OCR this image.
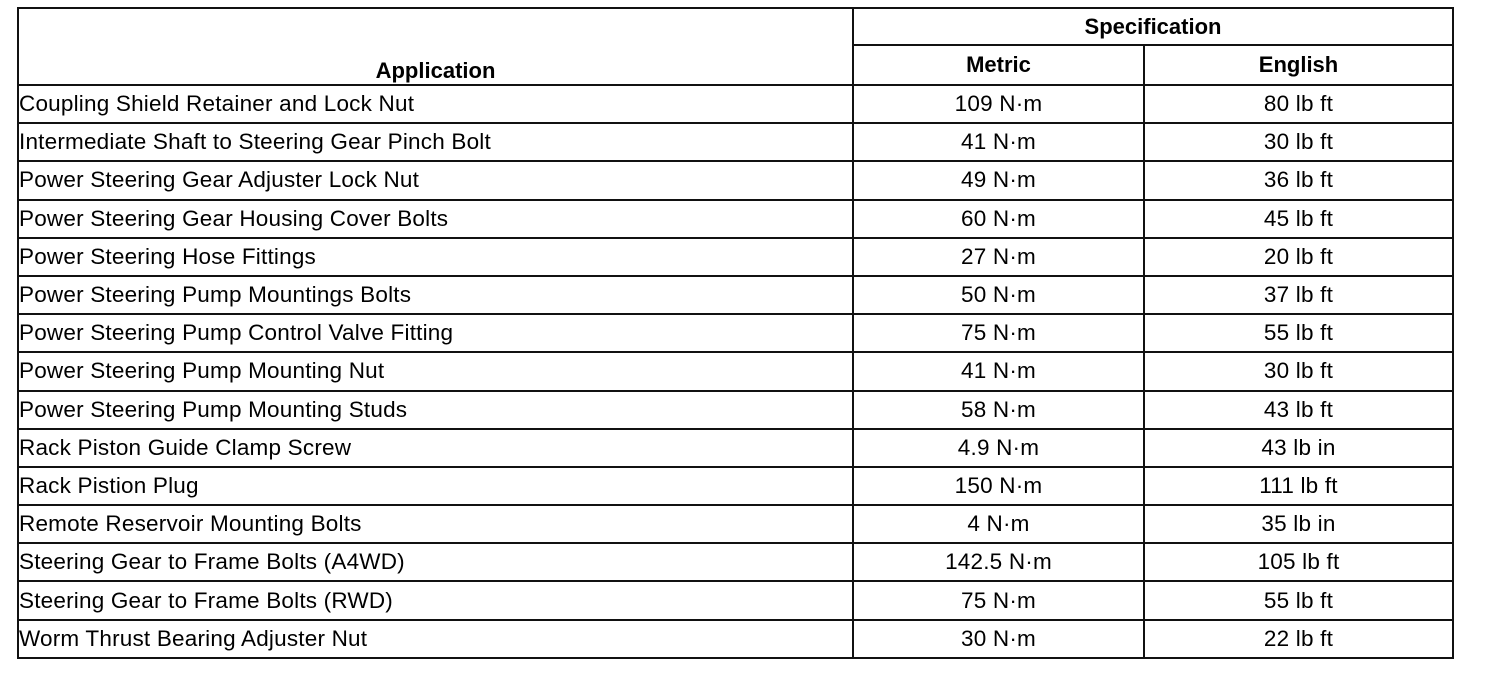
Application	Specification	
	Metric	English
Coupling Shield Retainer and Lock Nut	109 N·m	80 lb ft
Intermediate Shaft to Steering Gear Pinch Bolt	41 N·m	30 lb ft
Power Steering Gear Adjuster Lock Nut	49 N·m	36 lb ft
Power Steering Gear Housing Cover Bolts	60 N·m	45 lb ft
Power Steering Hose Fittings	27 N·m	20 lb ft
Power Steering Pump Mountings Bolts	50 N·m	37 lb ft
Power Steering Pump Control Valve Fitting	75 N·m	55 lb ft
Power Steering Pump Mounting Nut	41 N·m	30 lb ft
Power Steering Pump Mounting Studs	58 N·m	43 lb ft
Rack Piston Guide Clamp Screw	4.9 N·m	43 lb in
Rack Pistion Plug	150 N·m	111 lb ft
Remote Reservoir Mounting Bolts	4 N·m	35 lb in
Steering Gear to Frame Bolts (A4WD)	142.5 N·m	105 lb ft
Steering Gear to Frame Bolts (RWD)	75 N·m	55 lb ft
Worm Thrust Bearing Adjuster Nut	30 N·m	22 lb ft
